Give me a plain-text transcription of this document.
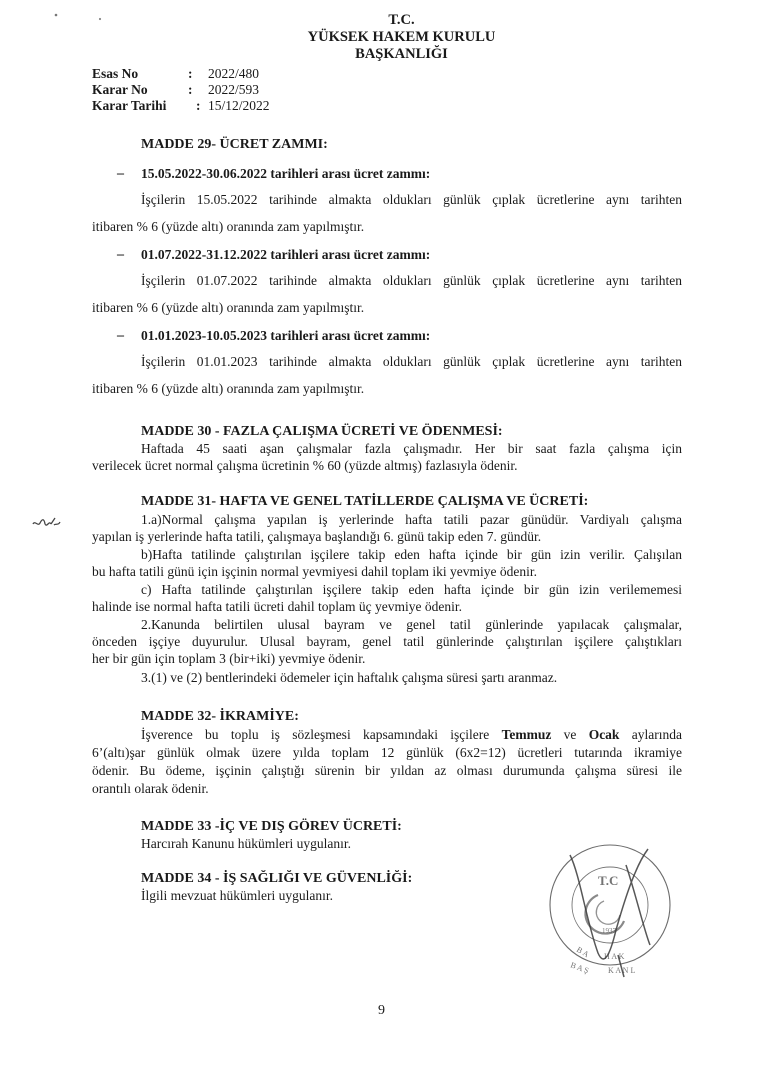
T.C.
YÜKSEK HAKEM KURULU
BAŞKANLIĞI
Esas No	:	2022/480
Karar No	:	2022/593
Karar Tarihi	: 15/12/2022
MADDE 29- ÜCRET ZAMMI:
– 15.05.2022-30.06.2022 tarihleri arası ücret zammı:
İşçilerin 15.05.2022 tarihinde almakta oldukları günlük çıplak ücretlerine aynı tarihten
itibaren % 6 (yüzde altı) oranında zam yapılmıştır.
– 01.07.2022-31.12.2022 tarihleri arası ücret zammı:
İşçilerin 01.07.2022 tarihinde almakta oldukları günlük çıplak ücretlerine aynı tarihten
itibaren % 6 (yüzde altı) oranında zam yapılmıştır.
– 01.01.2023-10.05.2023 tarihleri arası ücret zammı:
İşçilerin 01.01.2023 tarihinde almakta oldukları günlük çıplak ücretlerine aynı tarihten
itibaren % 6 (yüzde altı) oranında zam yapılmıştır.
MADDE 30 - FAZLA ÇALIŞMA ÜCRETİ VE ÖDENMESİ:
Haftada 45 saati aşan çalışmalar fazla çalışmadır. Her bir saat fazla çalışma için
verilecek ücret normal çalışma ücretinin % 60 (yüzde altmış) fazlasıyla ödenir.
MADDE 31- HAFTA VE GENEL TATİLLERDE ÇALIŞMA VE ÜCRETİ:
1.a)Normal çalışma yapılan iş yerlerinde hafta tatili pazar günüdür. Vardiyalı çalışma
yapılan iş yerlerinde hafta tatili, çalışmaya başlandığı 6. günü takip eden 7. gündür.
b)Hafta tatilinde çalıştırılan işçilere takip eden hafta içinde bir gün izin verilir. Çalışılan
bu hafta tatili günü için işçinin normal yevmiyesi dahil toplam iki yevmiye ödenir.
c) Hafta tatilinde çalıştırılan işçilere takip eden hafta içinde bir gün izin verilememesi
halinde ise normal hafta tatili ücreti dahil toplam üç yevmiye ödenir.
2.Kanunda belirtilen ulusal bayram ve genel tatil günlerinde yapılacak çalışmalar,
önceden işçiye duyurulur. Ulusal bayram, genel tatil günlerinde çalıştırılan işçilere çalıştıkları
her bir gün için toplam 3 (bir+iki) yevmiye ödenir.
3.(1) ve (2) bentlerindeki ödemeler için haftalık çalışma süresi şartı aranmaz.
MADDE 32- İKRAMİYE:
İşverence bu toplu iş sözleşmesi kapsamındaki işçilere Temmuz ve Ocak aylarında
6’(altı)şar günlük olmak üzere yılda toplam 12 günlük (6x2=12) ücretleri tutarında ikramiye
ödenir. Bu ödeme, işçinin çalıştığı sürenin bir yıldan az olması durumunda çalışma süresi ile
orantılı olarak ödenir.
MADDE 33 -İÇ VE DIŞ GÖREV ÜCRETİ:
Harcırah Kanunu hükümleri uygulanır.
MADDE 34 - İŞ SAĞLIĞI VE GÜVENLİĞİ:
İlgili mevzuat hükümleri uygulanır.
T.C
1937
B A H A K
B A Ş K A N L
9
